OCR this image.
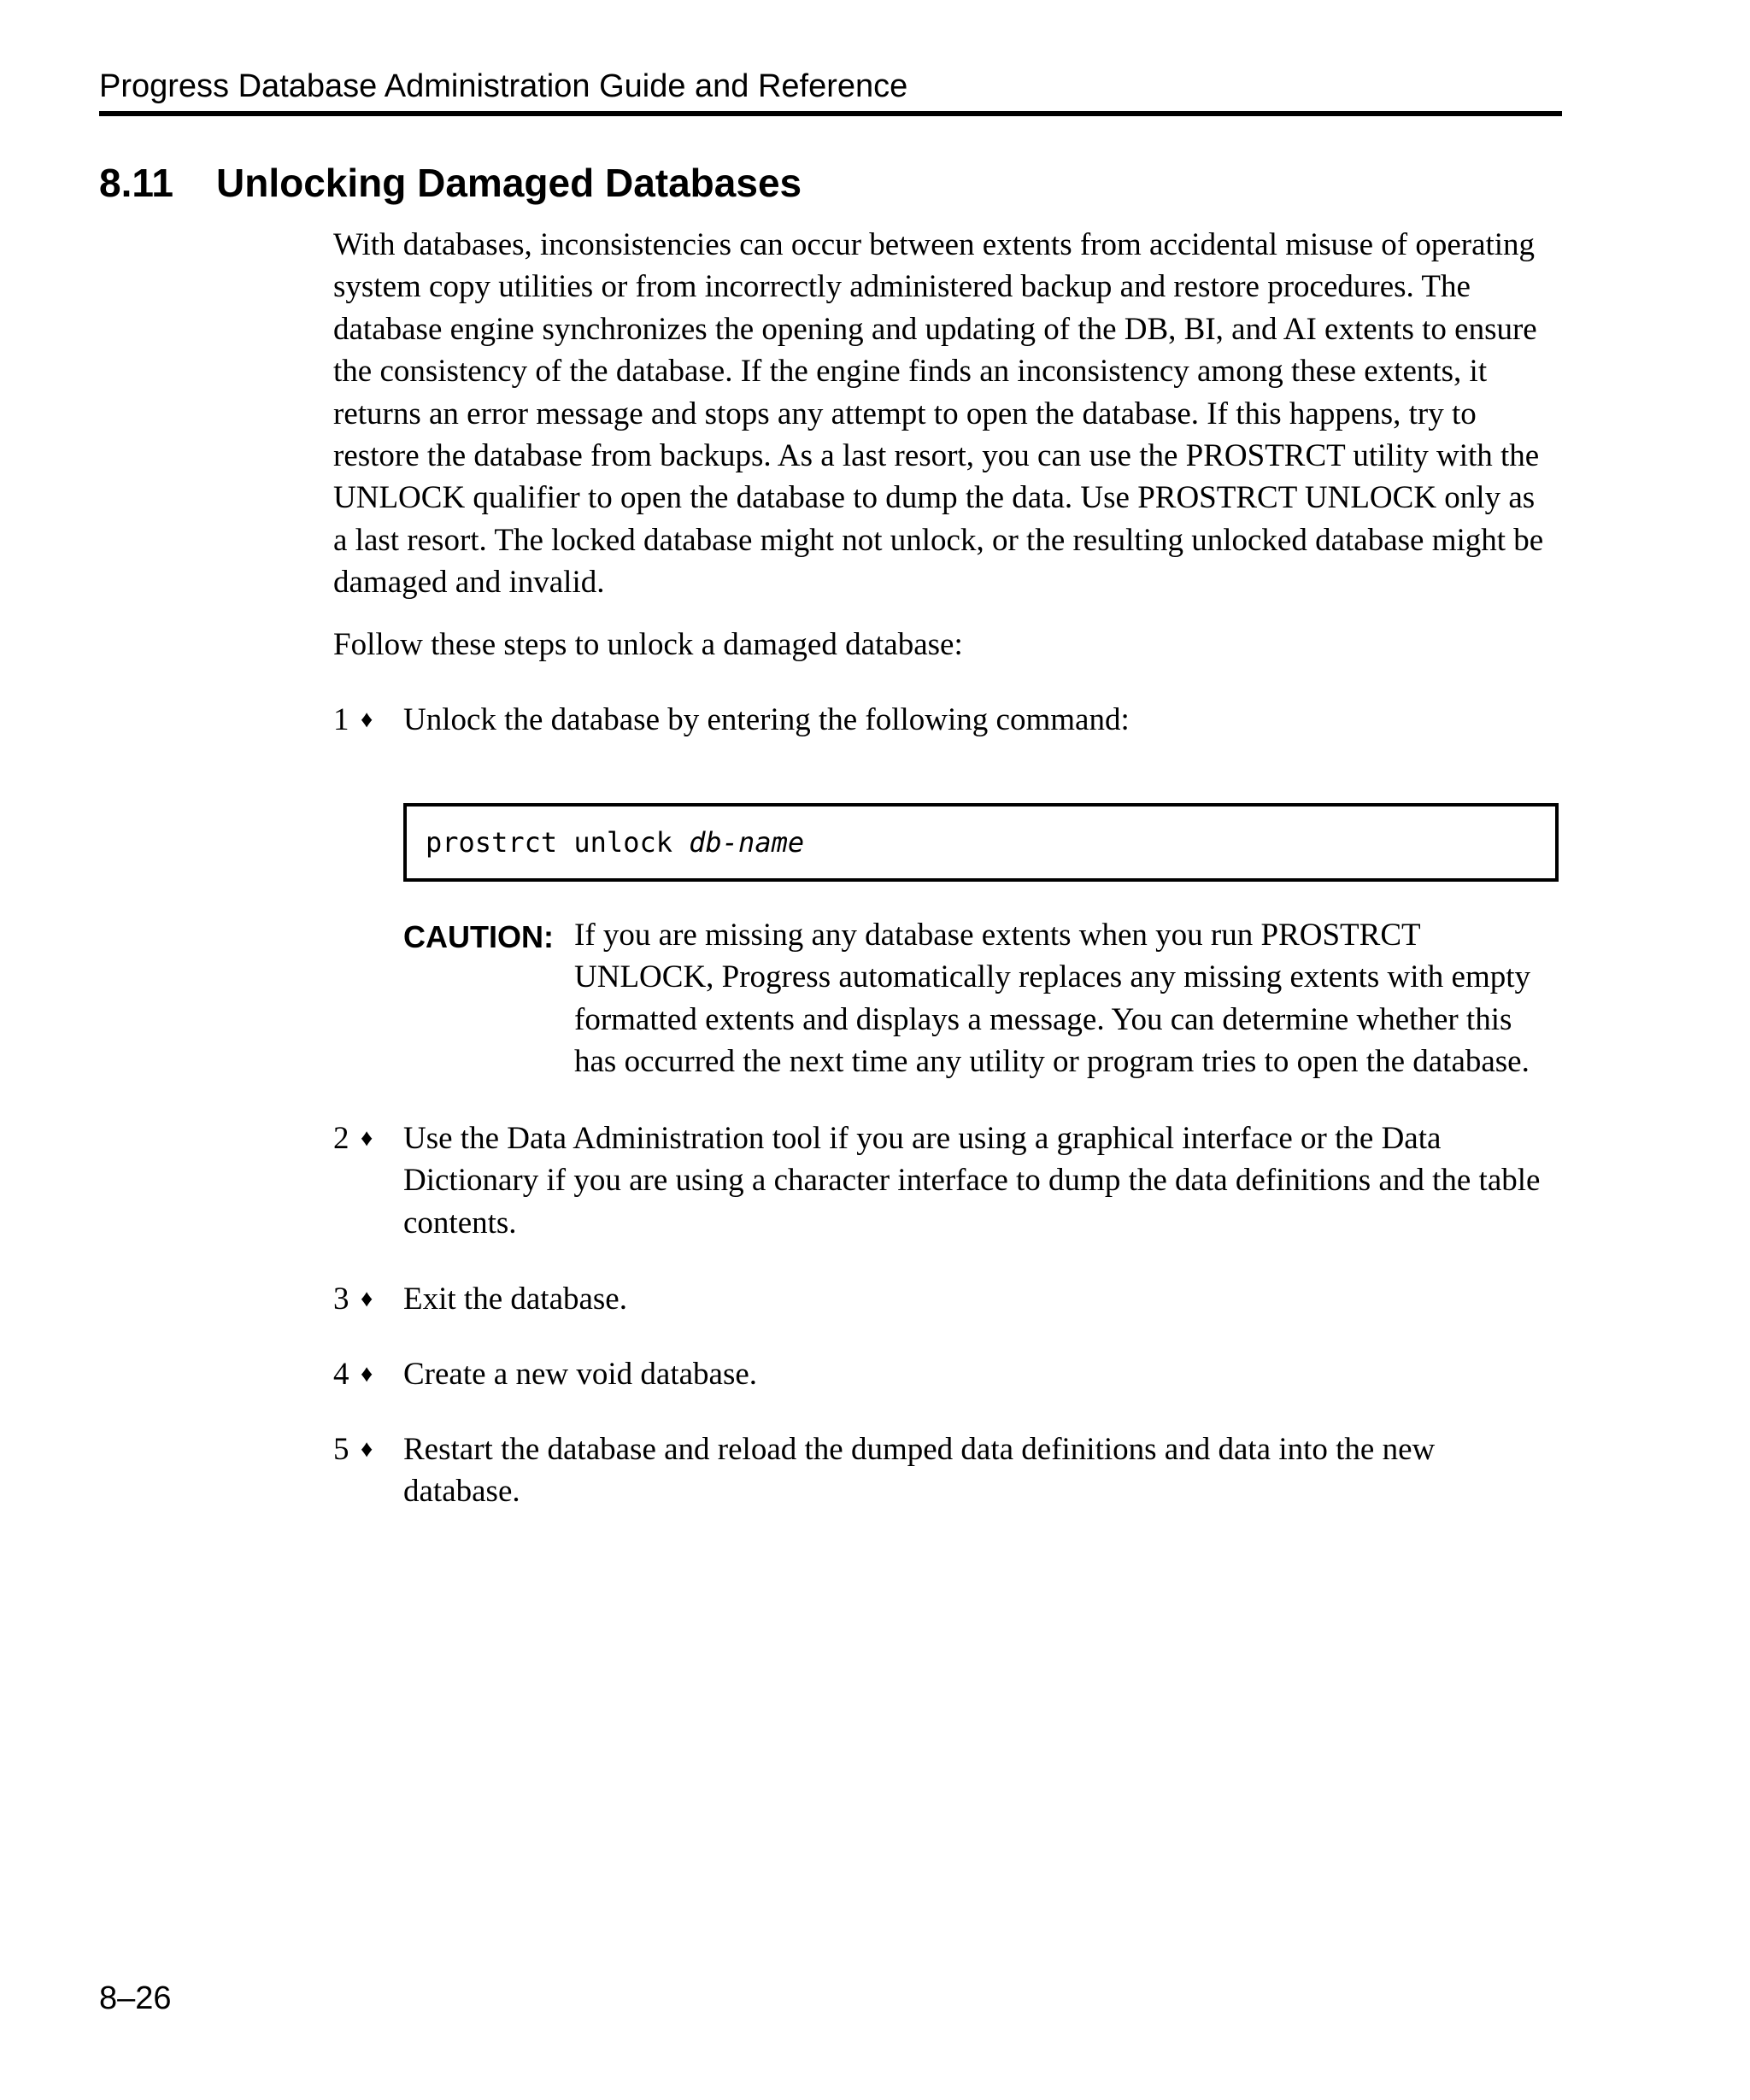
Progress Database Administration Guide and Reference
8.11 Unlocking Damaged Databases

With databases, inconsistencies can occur between extents from accidental misuse of operating
system copy utilities or from incorrectly administered backup and restore procedures. The
database engine synchronizes the opening and updating of the DB, BI, and AI extents to ensure
the consistency of the database. If the engine finds an inconsistency among these extents, it
returns an error message and stops any attempt to open the database. If this happens, try to
restore the database from backups. As a last resort, you can use the PROSTRCT utility with the
UNLOCK qualifier to open the database to dump the data. Use PROSTRCT UNLOCK only as
a last resort. The locked database might not unlock, or the resulting unlocked database might be
damaged and invalid.

Follow these steps to unlock a damaged database:

1 ♦ Unlock the database by entering the following command:
prostrct unlock db-name
CAUTION: If you are missing any database extents when you run PROSTRCT
UNLOCK, Progress automatically replaces any missing extents with empty
formatted extents and displays a message. You can determine whether this
has occurred the next time any utility or program tries to open the database.
2 ♦ Use the Data Administration tool if you are using a graphical interface or the Data
Dictionary if you are using a character interface to dump the data definitions and the table
contents.
3 ♦ Exit the database.
4 ♦ Create a new void database.
5 ♦ Restart the database and reload the dumped data definitions and data into the new
database.
8–26
